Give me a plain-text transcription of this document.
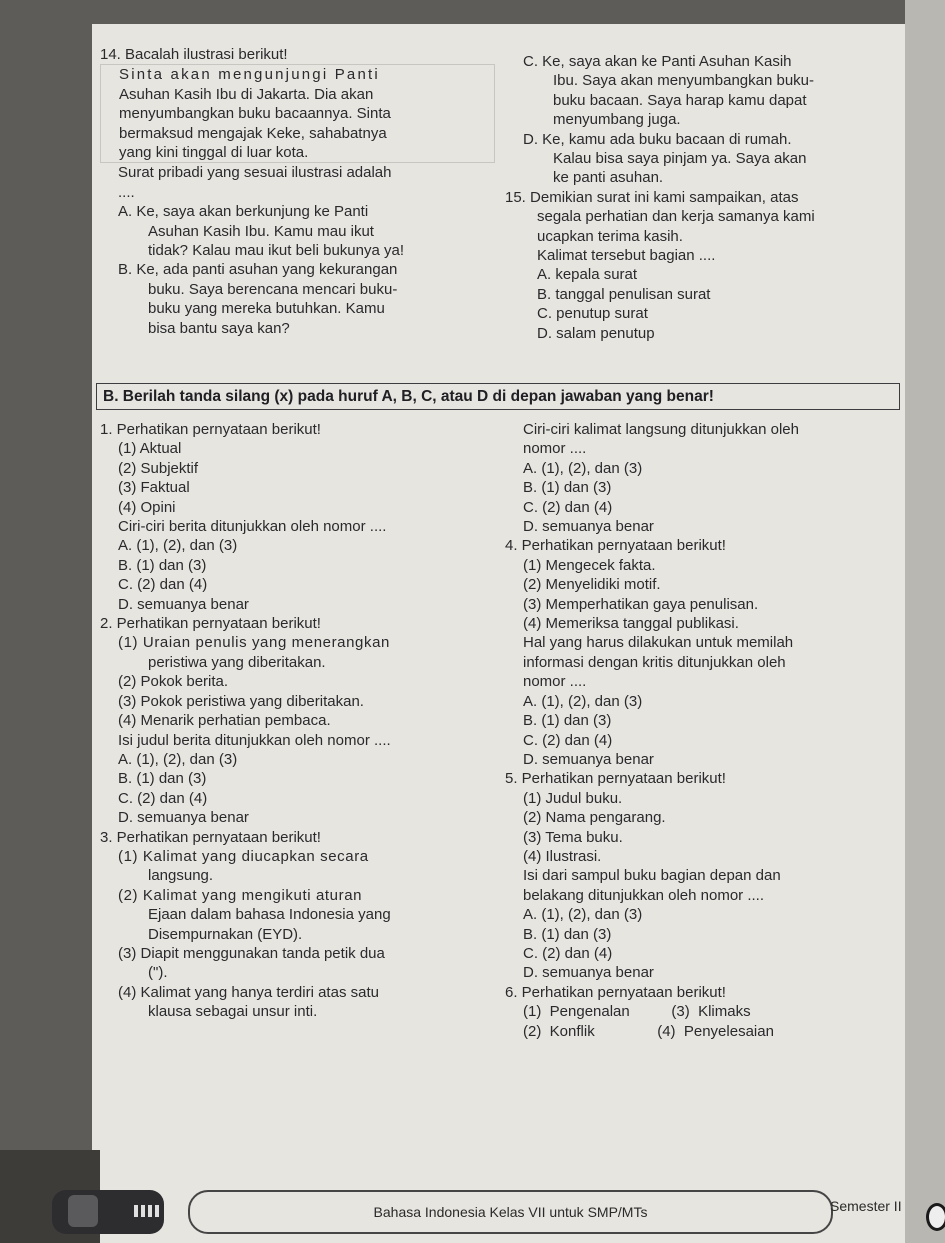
14. Bacalah ilustrasi berikut!

Sinta akan mengunjungi Panti

Asuhan Kasih Ibu di Jakarta. Dia akan

menyumbangkan buku bacaannya. Sinta

bermaksud mengajak Keke, sahabatnya

yang kini tinggal di luar kota.

Surat pribadi yang sesuai ilustrasi adalah

....

A. Ke, saya akan berkunjung ke Panti

Asuhan Kasih Ibu. Kamu mau ikut

tidak? Kalau mau ikut beli bukunya ya!

B. Ke, ada panti asuhan yang kekurangan

buku. Saya berencana mencari buku-

buku yang mereka butuhkan. Kamu

bisa bantu saya kan?

C. Ke, saya akan ke Panti Asuhan Kasih

Ibu. Saya akan menyumbangkan buku-

buku bacaan. Saya harap kamu dapat

menyumbang juga.

D. Ke, kamu ada buku bacaan di rumah.

Kalau bisa saya pinjam ya. Saya akan

ke panti asuhan.

15. Demikian surat ini kami sampaikan, atas

segala perhatian dan kerja samanya kami

ucapkan terima kasih.

Kalimat tersebut bagian ....

A. kepala surat

B. tanggal penulisan surat

C. penutup surat

D. salam penutup

B. Berilah tanda silang (x) pada huruf A, B, C, atau D di depan jawaban yang benar!

1. Perhatikan pernyataan berikut!

(1) Aktual

(2) Subjektif

(3) Faktual

(4) Opini

Ciri-ciri berita ditunjukkan oleh nomor ....

A. (1), (2), dan (3)

B. (1) dan (3)

C. (2) dan (4)

D. semuanya benar

2. Perhatikan pernyataan berikut!

(1) Uraian penulis yang menerangkan

peristiwa yang diberitakan.

(2) Pokok berita.

(3) Pokok peristiwa yang diberitakan.

(4) Menarik perhatian pembaca.

Isi judul berita ditunjukkan oleh nomor ....

A. (1), (2), dan (3)

B. (1) dan (3)

C. (2) dan (4)

D. semuanya benar

3. Perhatikan pernyataan berikut!

(1) Kalimat yang diucapkan secara

langsung.

(2) Kalimat yang mengikuti aturan

Ejaan dalam bahasa Indonesia yang

Disempurnakan (EYD).

(3) Diapit menggunakan tanda petik dua

(").

(4) Kalimat yang hanya terdiri atas satu

klausa sebagai unsur inti.

Ciri-ciri kalimat langsung ditunjukkan oleh

nomor ....

A. (1), (2), dan (3)

B. (1) dan (3)

C. (2) dan (4)

D. semuanya benar

4. Perhatikan pernyataan berikut!

(1) Mengecek fakta.

(2) Menyelidiki motif.

(3) Memperhatikan gaya penulisan.

(4) Memeriksa tanggal publikasi.

Hal yang harus dilakukan untuk memilah

informasi dengan kritis ditunjukkan oleh

nomor ....

A. (1), (2), dan (3)

B. (1) dan (3)

C. (2) dan (4)

D. semuanya benar

5. Perhatikan pernyataan berikut!

(1) Judul buku.

(2) Nama pengarang.

(3) Tema buku.

(4) Ilustrasi.

Isi dari sampul buku bagian depan dan

belakang ditunjukkan oleh nomor ....

A. (1), (2), dan (3)

B. (1) dan (3)

C. (2) dan (4)

D. semuanya benar

6. Perhatikan pernyataan berikut!

(1)  Pengenalan          (3)  Klimaks

(2)  Konflik               (4)  Penyelesaian

Bahasa Indonesia Kelas VII untuk SMP/MTs	Semester II
